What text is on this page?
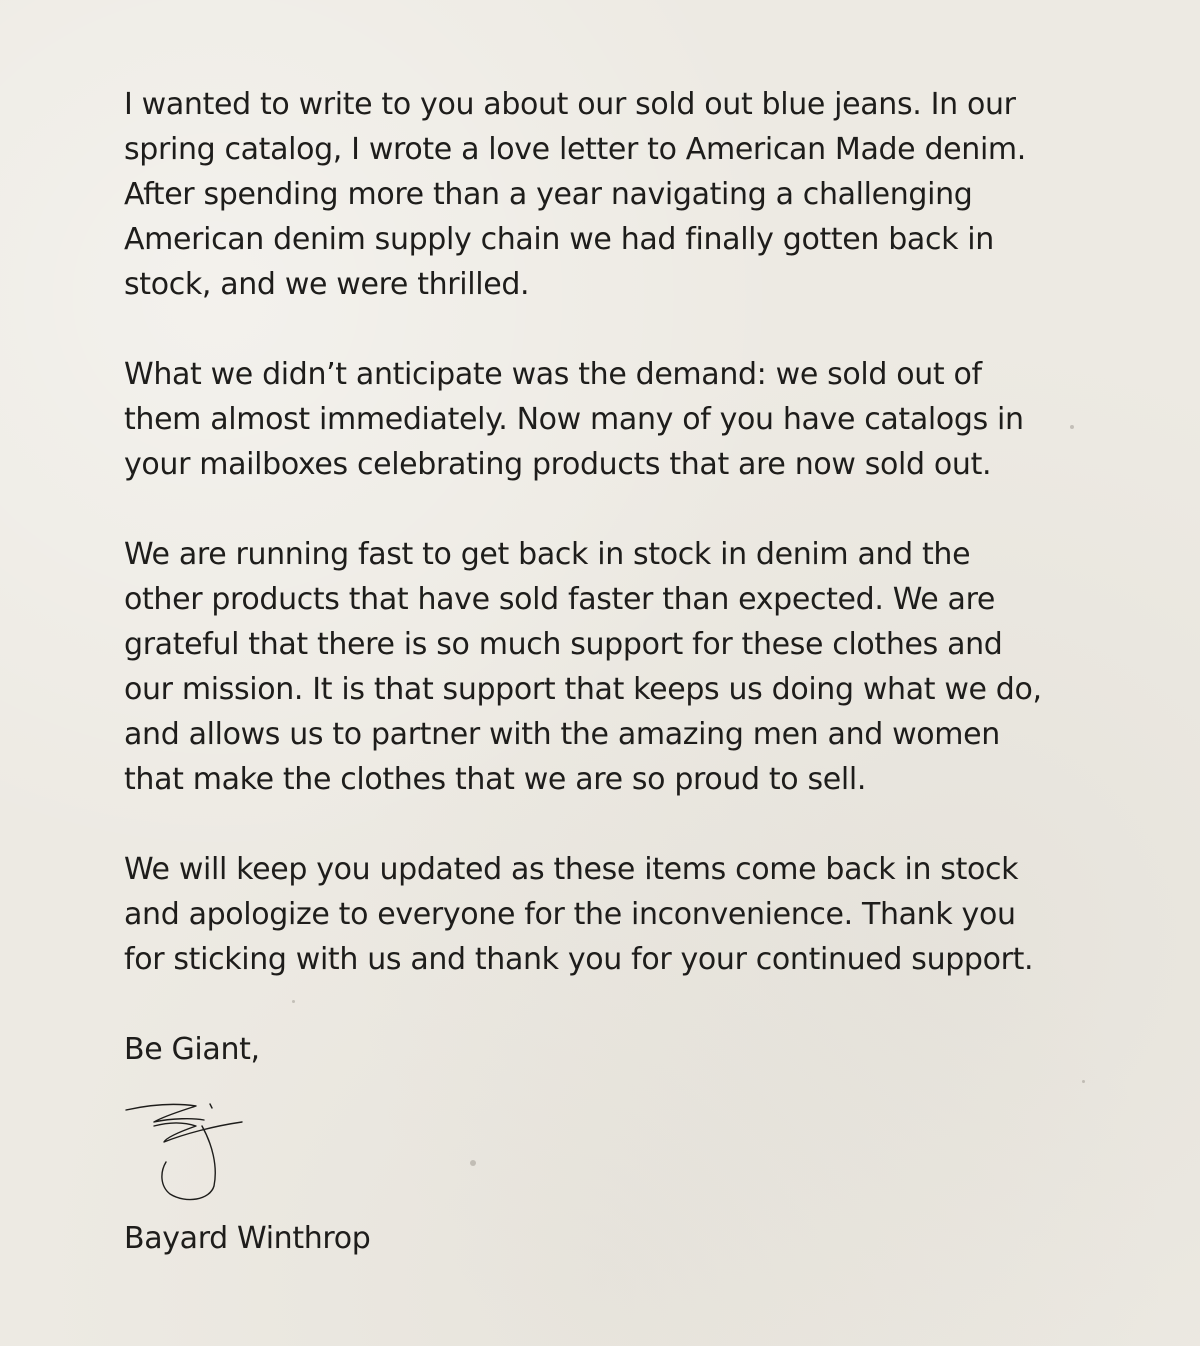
I wanted to write to you about our sold out blue jeans. In our
spring catalog, I wrote a love letter to American Made denim.
After spending more than a year navigating a challenging
American denim supply chain we had finally gotten back in
stock, and we were thrilled.

What we didn’t anticipate was the demand: we sold out of
them almost immediately. Now many of you have catalogs in
your mailboxes celebrating products that are now sold out.

We are running fast to get back in stock in denim and the
other products that have sold faster than expected. We are
grateful that there is so much support for these clothes and
our mission. It is that support that keeps us doing what we do,
and allows us to partner with the amazing men and women
that make the clothes that we are so proud to sell.

We will keep you updated as these items come back in stock
and apologize to everyone for the inconvenience. Thank you
for sticking with us and thank you for your continued support.

Be Giant,
Bayard Winthrop
